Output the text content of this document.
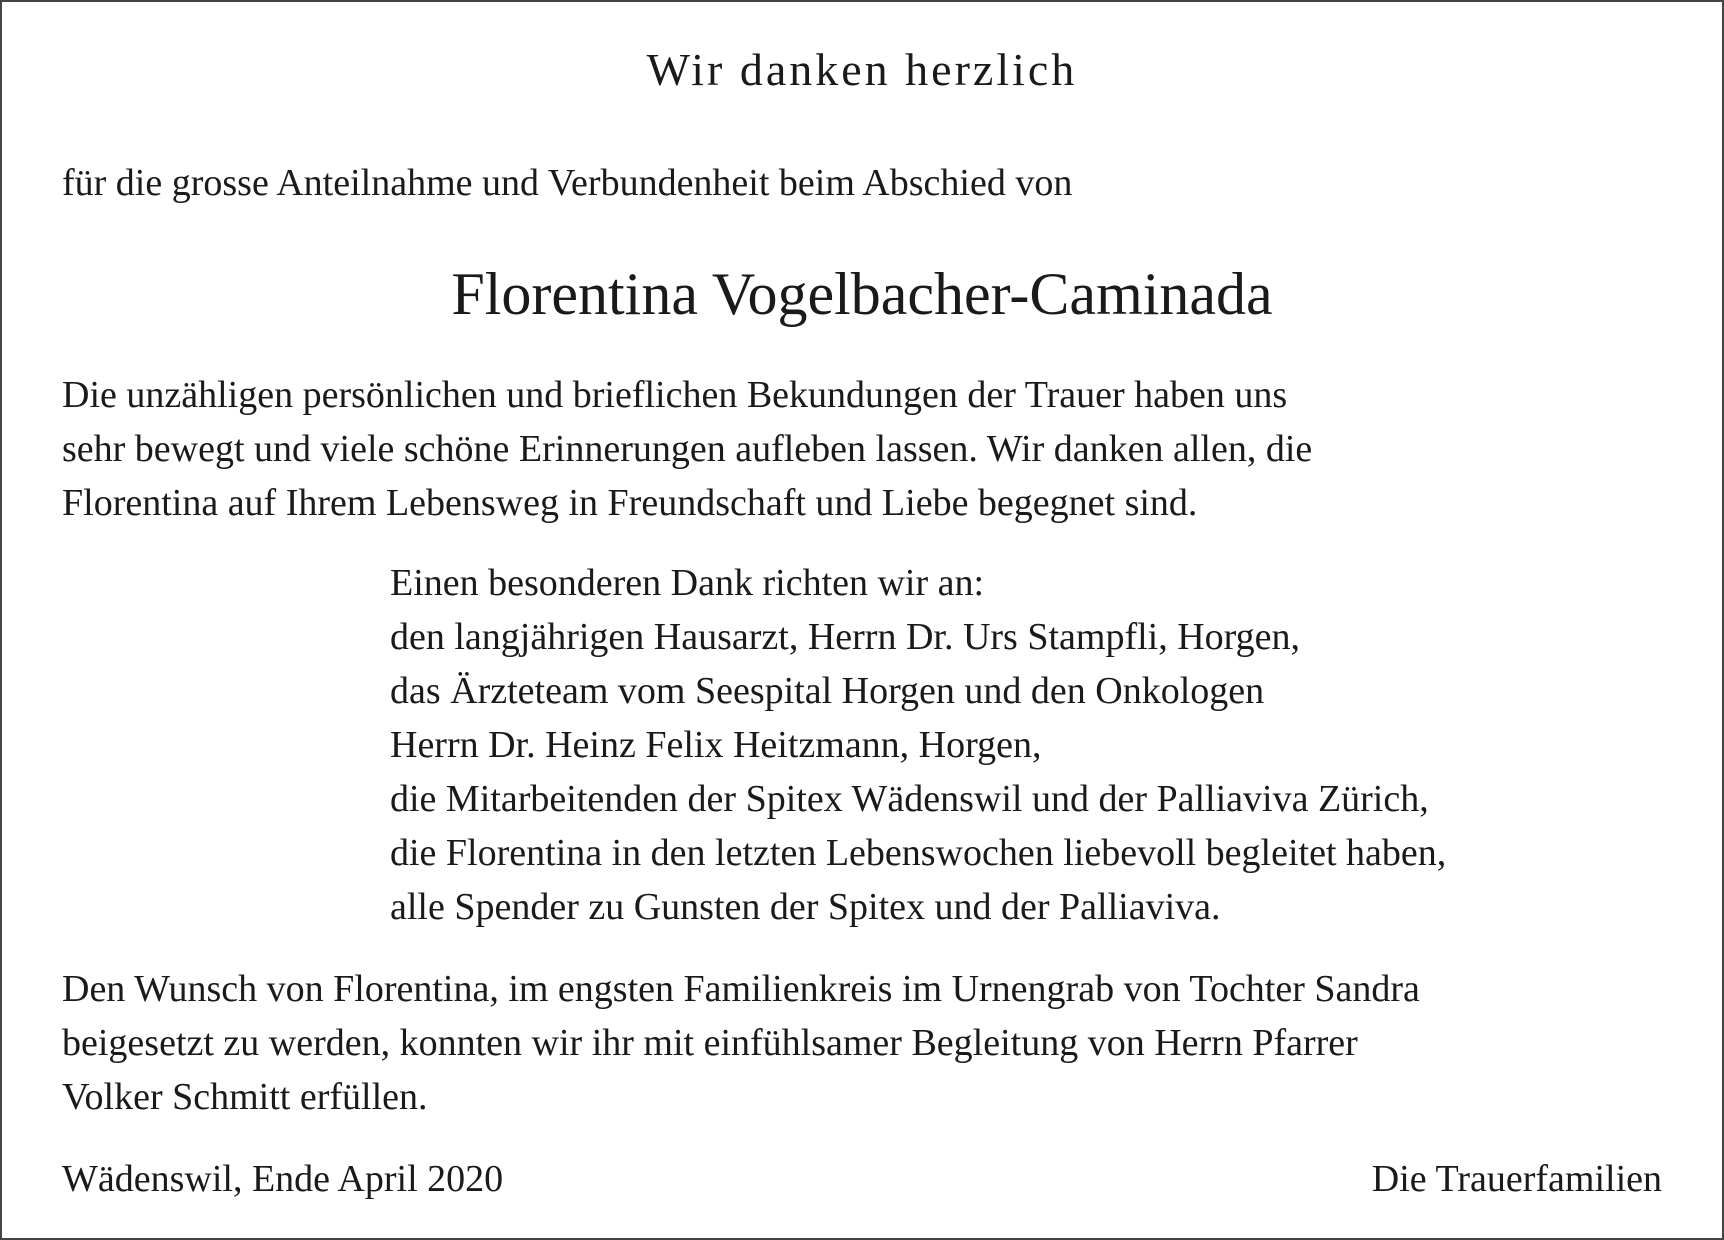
Wir danken herzlich
für die grosse Anteilnahme und Verbundenheit beim Abschied von
Florentina Vogelbacher-Caminada
Die unzähligen persönlichen und brieflichen Bekundungen der Trauer haben uns
sehr bewegt und viele schöne Erinnerungen aufleben lassen. Wir danken allen, die
Florentina auf Ihrem Lebensweg in Freundschaft und Liebe begegnet sind.
Einen besonderen Dank richten wir an:
den langjährigen Hausarzt, Herrn Dr. Urs Stampfli, Horgen,
das Ärzteteam vom Seespital Horgen und den Onkologen
Herrn Dr. Heinz Felix Heitzmann, Horgen,
die Mitarbeitenden der Spitex Wädenswil und der Palliaviva Zürich,
die Florentina in den letzten Lebenswochen liebevoll begleitet haben,
alle Spender zu Gunsten der Spitex und der Palliaviva.
Den Wunsch von Florentina, im engsten Familienkreis im Urnengrab von Tochter Sandra
beigesetzt zu werden, konnten wir ihr mit einfühlsamer Begleitung von Herrn Pfarrer
Volker Schmitt erfüllen.
Wädenswil, Ende April 2020	Die Trauerfamilien
